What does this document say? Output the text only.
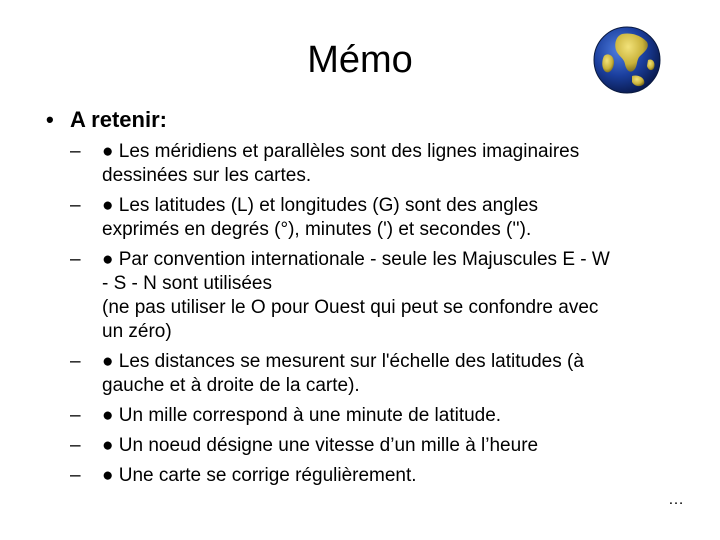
Mémo
• A retenir:
– ● Les méridiens et parallèles sont des lignes imaginaires
dessinées sur les cartes.
– ● Les latitudes (L) et longitudes (G) sont des angles
exprimés en degrés (°), minutes (') et secondes ('').
– ● Par convention internationale - seule les Majuscules E - W
- S - N sont utilisées
(ne pas utiliser le O pour Ouest qui peut se confondre avec
un zéro)
– ● Les distances se mesurent sur l'échelle des latitudes (à
gauche et à droite de la carte).
– ● Un mille correspond à une minute de latitude.
– ● Un noeud désigne une vitesse d’un mille à l’heure
– ● Une carte se corrige régulièrement.
…
